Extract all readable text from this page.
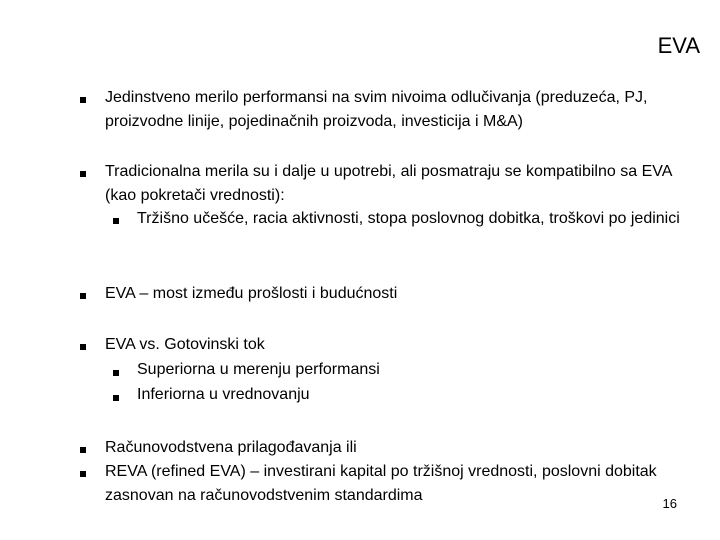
EVA
Jedinstveno merilo performansi na svim nivoima odlučivanja (preduzeća, PJ, proizvodne linije, pojedinačnih proizvoda, investicija i M&A)
Tradicionalna merila su i dalje u upotrebi, ali posmatraju se kompatibilno sa EVA (kao pokretači vrednosti):
Tržišno učešće, racia aktivnosti, stopa poslovnog dobitka, troškovi po jedinici
EVA – most između prošlosti i budućnosti
EVA vs. Gotovinski tok
Superiorna u merenju performansi
Inferiorna u vrednovanju
Računovodstvena prilagođavanja ili
REVA (refined EVA) – investirani kapital po tržišnoj vrednosti, poslovni dobitak zasnovan na računovodstvenim standardima	16
